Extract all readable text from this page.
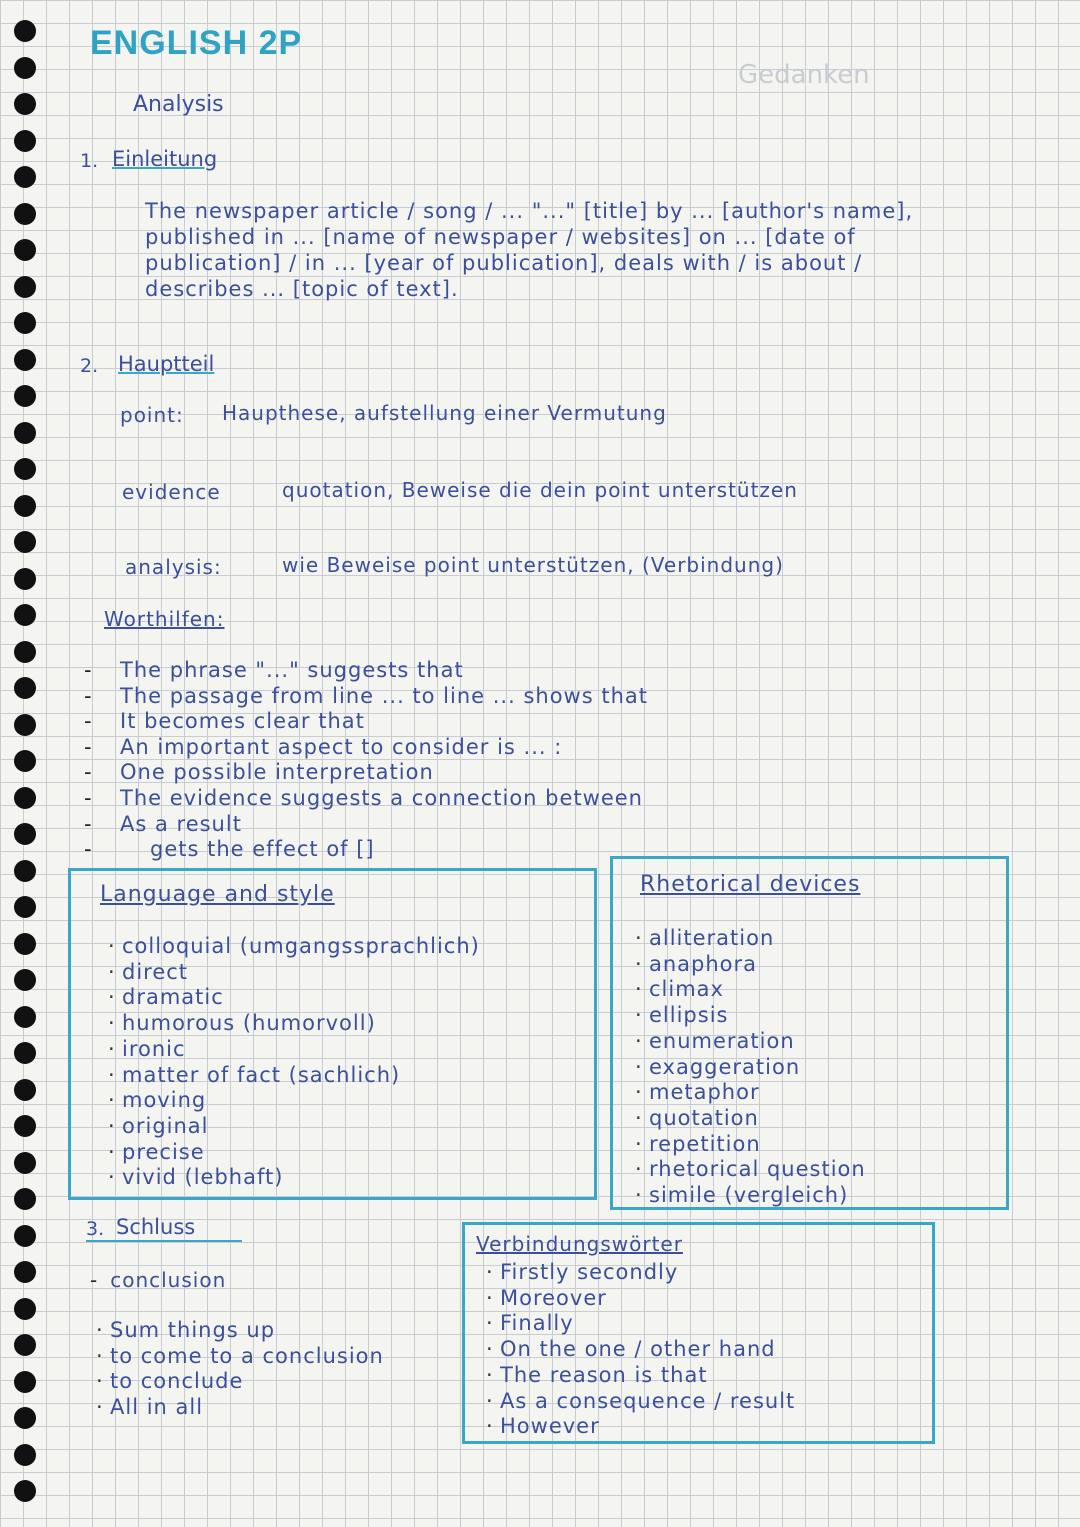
ENGLISH 2P
Gedanken
Analysis
1. Einleitung
The newspaper article / song / ... "..." [title] by ... [author's name], published in ... [name of newspaper / websites] on ... [date of publication] / in ... [year of publication], deals with / is about / describes ... [topic of text].
2. Hauptteil
point: Haupthese, aufstellung einer Vermutung
evidence	quotation, Beweise die dein point unterstützen
analysis:	wie Beweise point unterstützen, (Verbindung)
Worthilfen:
- The phrase "..." suggests that
- The passage from line ... to line ... shows that
- It becomes clear that
- An important aspect to consider is ... :
- One possible interpretation
- The evidence suggests a connection between
- As a result
-	gets the effect of []
Language and style
· colloquial (umgangssprachlich)
· direct
· dramatic
· humorous (humorvoll)
· ironic
· matter of fact (sachlich)
· moving
· original
· precise
· vivid (lebhaft)
Rhetorical devices
· alliteration
· anaphora
· climax
· ellipsis
· enumeration
· exaggeration
· metaphor
· quotation
· repetition
· rhetorical question
· simile (vergleich)
3. Schluss
- conclusion
· Sum things up
· to come to a conclusion
· to conclude
· All in all
Verbindungswörter
· Firstly secondly
· Moreover
· Finally
· On the one / other hand
· The reason is that
· As a consequence / result
· However
